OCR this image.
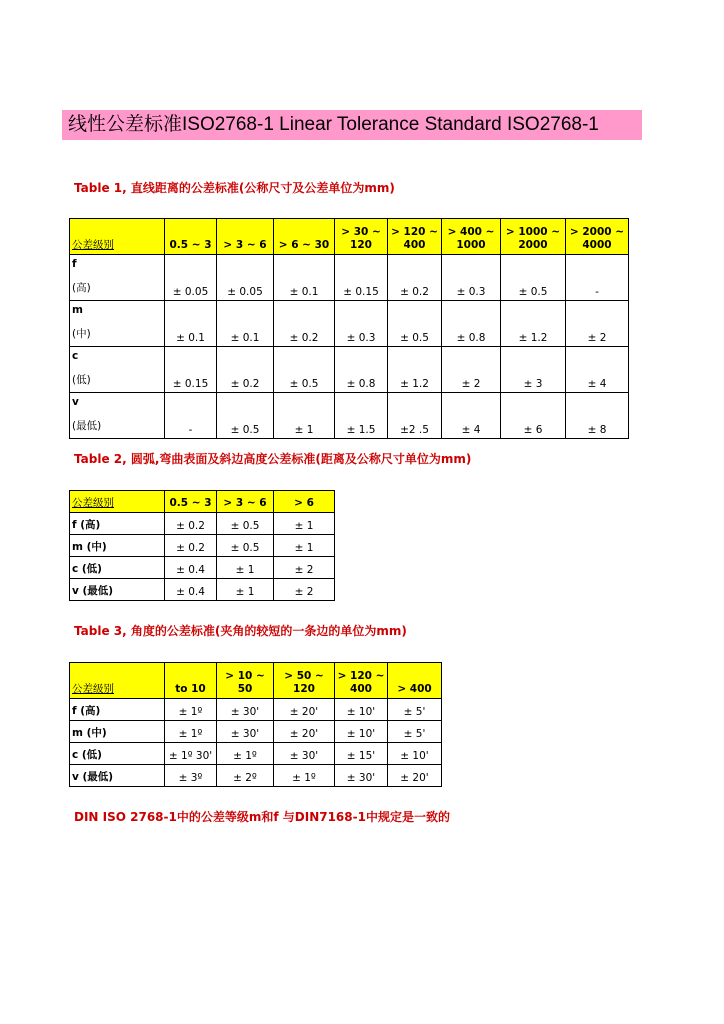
线性公差标准ISO2768-1 Linear Tolerance Standard ISO2768-1
Table 1, 直线距离的公差标准(公称尺寸及公差单位为mm)
公差级别	0.5 ~ 3	> 3 ~ 6	> 6 ~ 30	> 30 ~ 120	> 120 ~ 400	> 400 ~ 1000	> 1000 ~ 2000	> 2000 ~ 4000
f
(高)	± 0.05	± 0.05	± 0.1	± 0.15	± 0.2	± 0.3	± 0.5	-
m
(中)	± 0.1	± 0.1	± 0.2	± 0.3	± 0.5	± 0.8	± 1.2	± 2
c
(低)	± 0.15	± 0.2	± 0.5	± 0.8	± 1.2	± 2	± 3	± 4
v
(最低)	-	± 0.5	± 1	± 1.5	±2 .5	± 4	± 6	± 8
Table 2, 圆弧,弯曲表面及斜边高度公差标准(距离及公称尺寸单位为mm)
公差级别	0.5 ~ 3	> 3 ~ 6	> 6
f (高)	± 0.2	± 0.5	± 1
m (中)	± 0.2	± 0.5	± 1
c (低)	± 0.4	± 1	± 2
v (最低)	± 0.4	± 1	± 2
Table 3, 角度的公差标准(夹角的较短的一条边的单位为mm)
公差级别	to 10	> 10 ~ 50	> 50 ~ 120	> 120 ~ 400	> 400
f (高)	± 1º	± 30'	± 20'	± 10'	± 5'
m (中)	± 1º	± 30'	± 20'	± 10'	± 5'
c (低)	± 1º 30'	± 1º	± 30'	± 15'	± 10'
v (最低)	± 3º	± 2º	± 1º	± 30'	± 20'
DIN ISO 2768-1中的公差等级m和f 与DIN7168-1中规定是一致的
